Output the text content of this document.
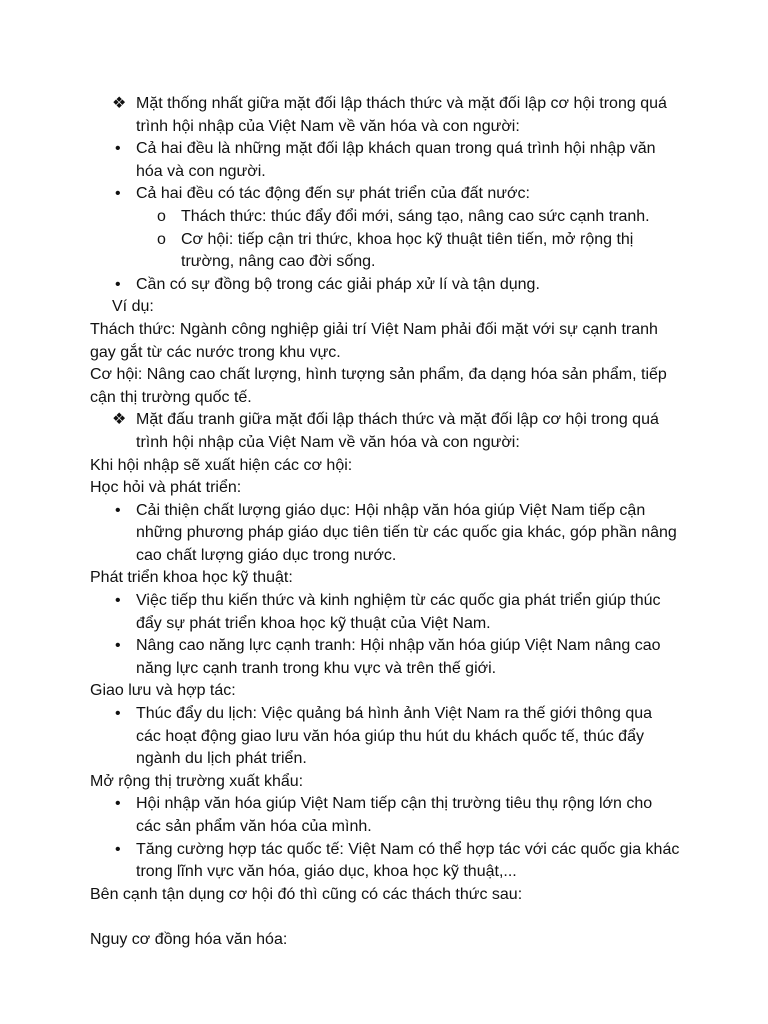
❖ Mặt thống nhất giữa mặt đối lập thách thức và mặt đối lập cơ hội trong quá trình hội nhập của Việt Nam về văn hóa và con người:

• Cả hai đều là những mặt đối lập khách quan trong quá trình hội nhập văn hóa và con người.

• Cả hai đều có tác động đến sự phát triển của đất nước:

o Thách thức: thúc đẩy đổi mới, sáng tạo, nâng cao sức cạnh tranh.

o Cơ hội: tiếp cận tri thức, khoa học kỹ thuật tiên tiến, mở rộng thị trường, nâng cao đời sống.

• Cần có sự đồng bộ trong các giải pháp xử lí và tận dụng.

Ví dụ:

Thách thức: Ngành công nghiệp giải trí Việt Nam phải đối mặt với sự cạnh tranh gay gắt từ các nước trong khu vực.

Cơ hội: Nâng cao chất lượng, hình tượng sản phẩm, đa dạng hóa sản phẩm, tiếp cận thị trường quốc tế.

❖ Mặt đấu tranh giữa mặt đối lập thách thức và mặt đối lập cơ hội trong quá trình hội nhập của Việt Nam về văn hóa và con người:

Khi hội nhập sẽ xuất hiện các cơ hội:

Học hỏi và phát triển:

• Cải thiện chất lượng giáo dục: Hội nhập văn hóa giúp Việt Nam tiếp cận những phương pháp giáo dục tiên tiến từ các quốc gia khác, góp phần nâng cao chất lượng giáo dục trong nước.

Phát triển khoa học kỹ thuật:

• Việc tiếp thu kiến thức và kinh nghiệm từ các quốc gia phát triển giúp thúc đẩy sự phát triển khoa học kỹ thuật của Việt Nam.

• Nâng cao năng lực cạnh tranh: Hội nhập văn hóa giúp Việt Nam nâng cao năng lực cạnh tranh trong khu vực và trên thế giới.

Giao lưu và hợp tác:

• Thúc đẩy du lịch: Việc quảng bá hình ảnh Việt Nam ra thế giới thông qua các hoạt động giao lưu văn hóa giúp thu hút du khách quốc tế, thúc đẩy ngành du lịch phát triển.

Mở rộng thị trường xuất khẩu:

• Hội nhập văn hóa giúp Việt Nam tiếp cận thị trường tiêu thụ rộng lớn cho các sản phẩm văn hóa của mình.

• Tăng cường hợp tác quốc tế: Việt Nam có thể hợp tác với các quốc gia khác trong lĩnh vực văn hóa, giáo dục, khoa học kỹ thuật,...

Bên cạnh tận dụng cơ hội đó thì cũng có các thách thức sau:

Nguy cơ đồng hóa văn hóa:
